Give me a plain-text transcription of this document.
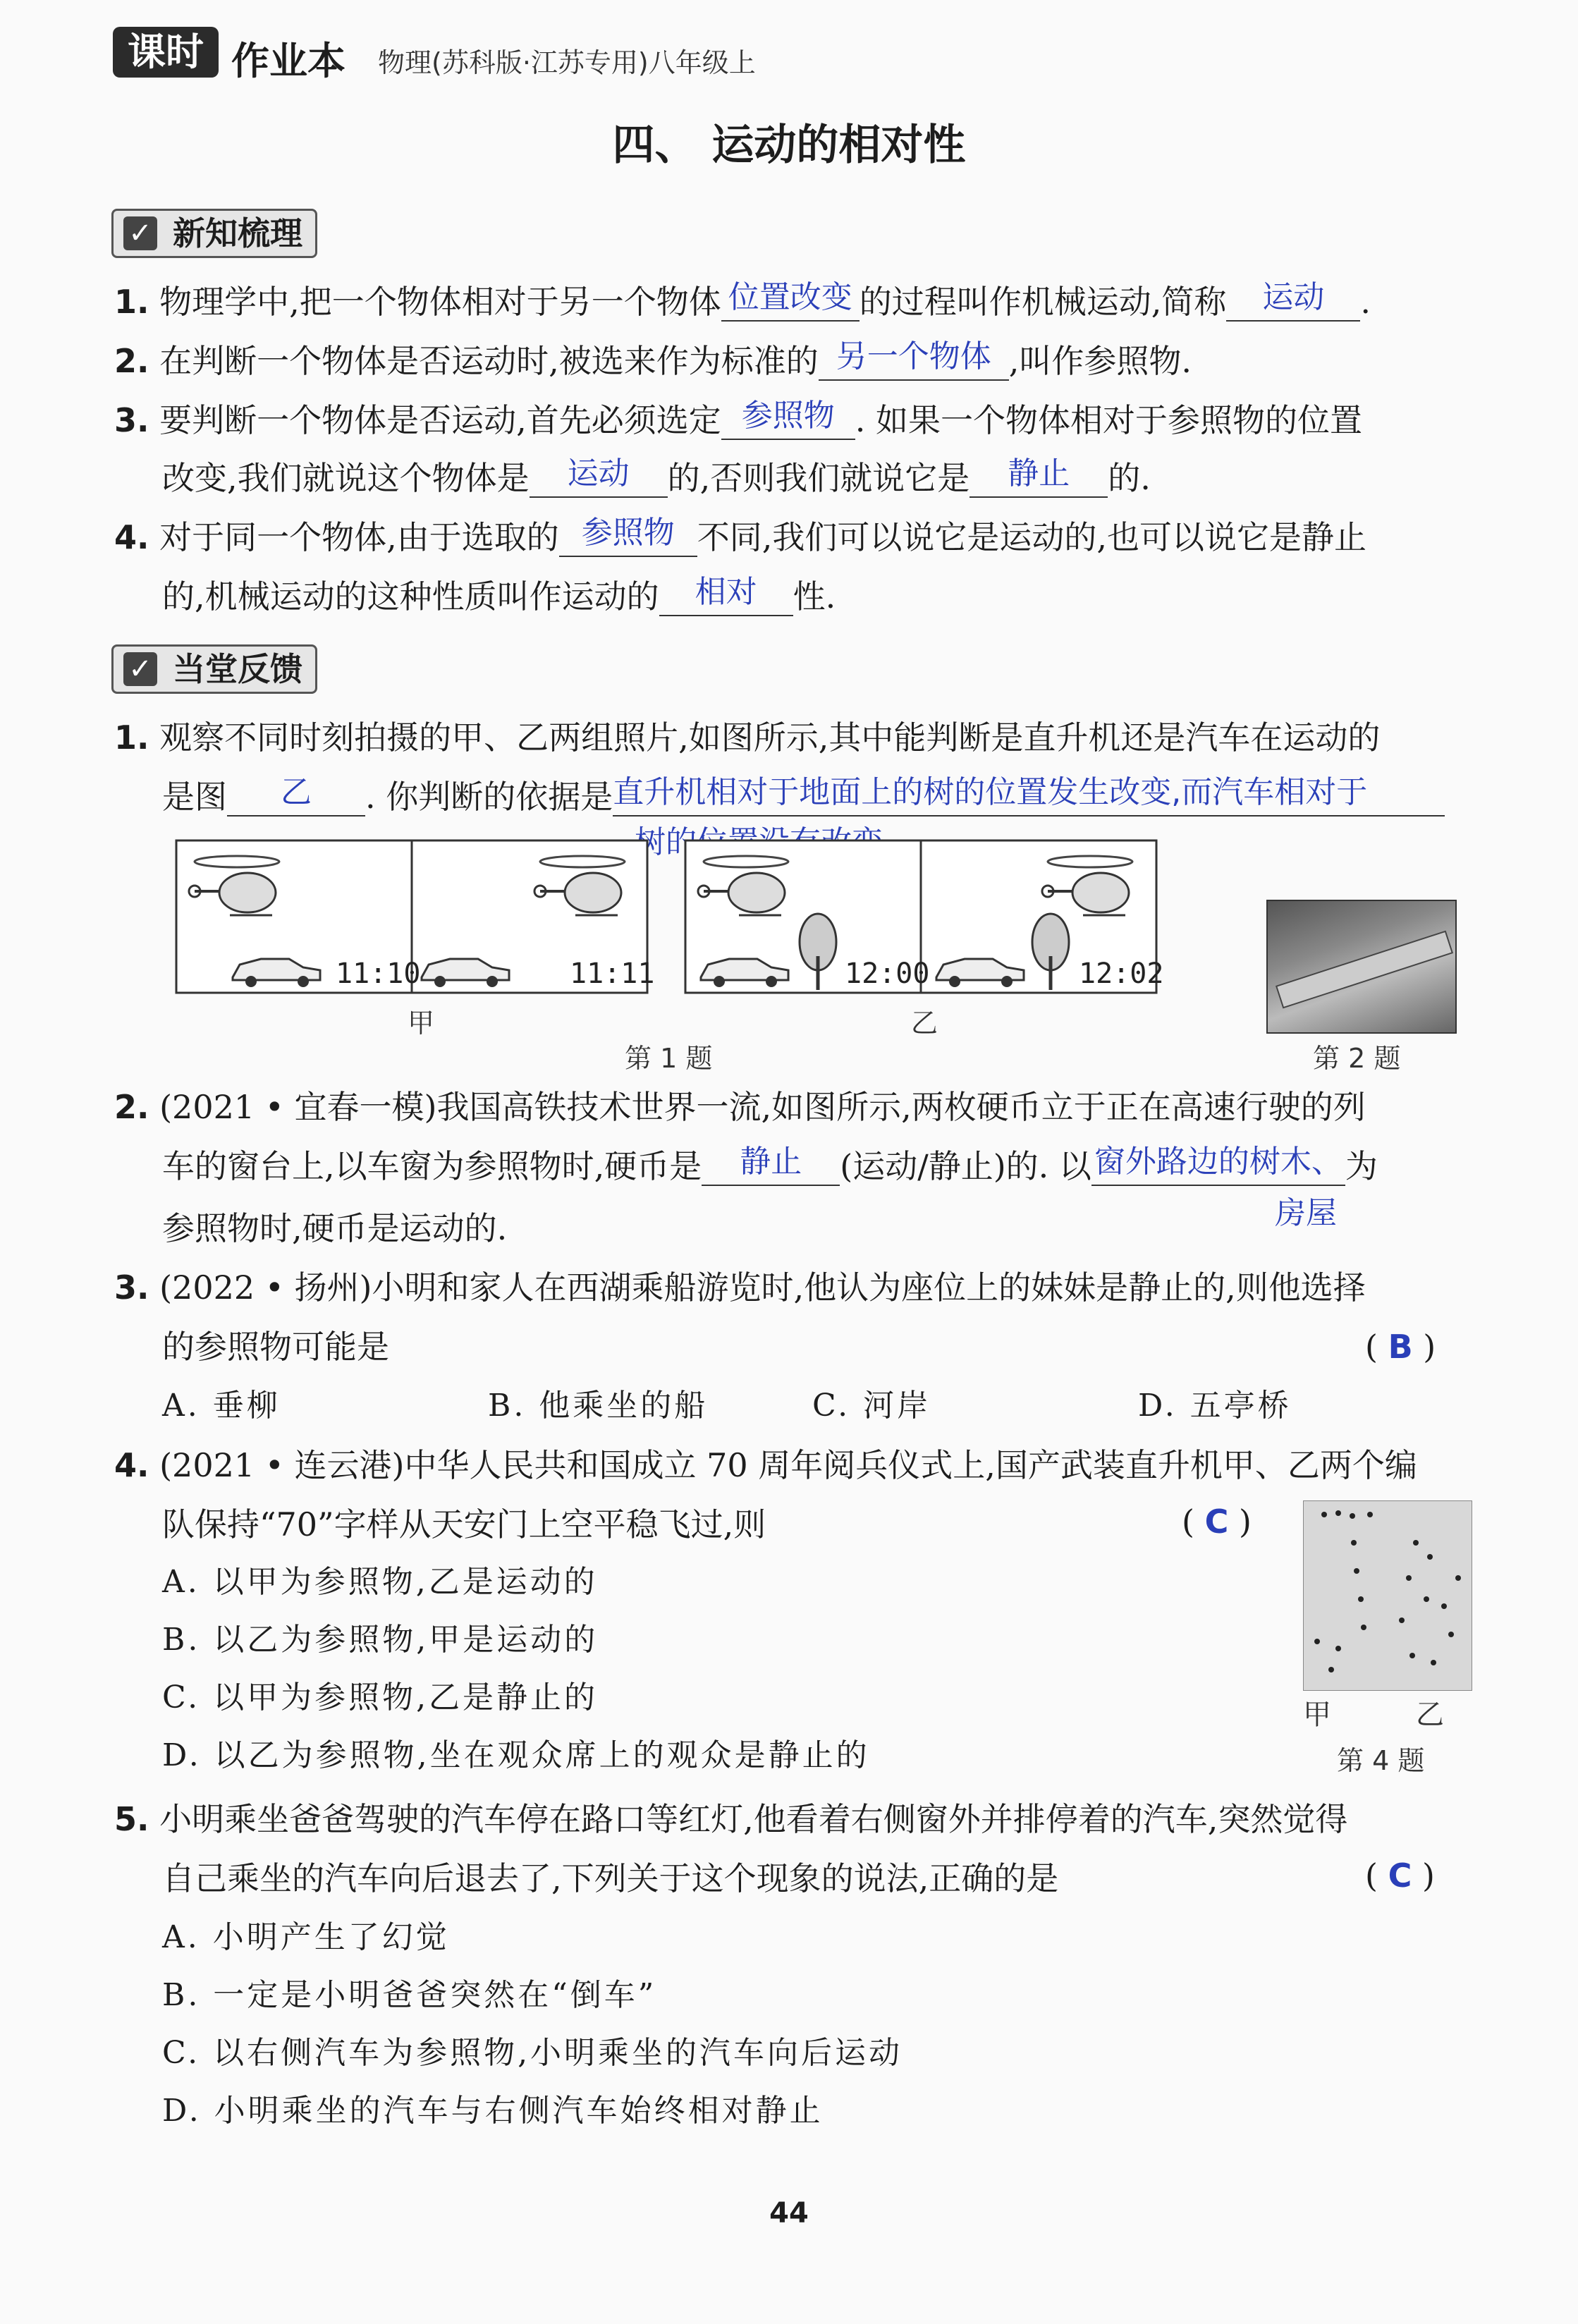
课时 作业本 物理(苏科版·江苏专用)八年级上
四、 运动的相对性
✓ 新知梳理
1. 物理学中,把一个物体相对于另一个物体 位置改变 的过程叫作机械运动,简称 运动 .
2. 在判断一个物体是否运动时,被选来作为标准的 另一个物体 ,叫作参照物.
3. 要判断一个物体是否运动,首先必须选定 参照物 . 如果一个物体相对于参照物的位置
改变,我们就说这个物体是 运动 的,否则我们就说它是 静止 的.
4. 对于同一个物体,由于选取的 参照物 不同,我们可以说它是运动的,也可以说它是静止
的,机械运动的这种性质叫作运动的 相对 性.
✓ 当堂反馈
1. 观察不同时刻拍摄的甲、乙两组照片,如图所示,其中能判断是直升机还是汽车在运动的
是图 乙 . 你判断的依据是直升机相对于地面上的树的位置发生改变,而汽车相对于
11:10	11:11	12:00	12:02
甲	乙
第 1 题	第 2 题
2. (2021 • 宜春一模)我国高铁技术世界一流,如图所示,两枚硬币立于正在高速行驶的列
车的窗台上,以车窗为参照物时,硬币是 静止 (运动/静止)的. 以窗外路边的树木、为
房屋
参照物时,硬币是运动的.
3. (2022 • 扬州)小明和家人在西湖乘船游览时,他认为座位上的妹妹是静止的,则他选择
的参照物可能是	( B )
A. 垂柳	B. 他乘坐的船	C. 河岸	D. 五亭桥
4. (2021 • 连云港)中华人民共和国成立 70 周年阅兵仪式上,国产武装直升机甲、乙两个编
队保持“70”字样从天安门上空平稳飞过,则	( C )
A. 以甲为参照物,乙是运动的
B. 以乙为参照物,甲是运动的
C. 以甲为参照物,乙是静止的
D. 以乙为参照物,坐在观众席上的观众是静止的
甲	乙
第 4 题
5. 小明乘坐爸爸驾驶的汽车停在路口等红灯,他看着右侧窗外并排停着的汽车,突然觉得
自己乘坐的汽车向后退去了,下列关于这个现象的说法,正确的是	( C )
A. 小明产生了幻觉
B. 一定是小明爸爸突然在“倒车”
C. 以右侧汽车为参照物,小明乘坐的汽车向后运动
D. 小明乘坐的汽车与右侧汽车始终相对静止
44
